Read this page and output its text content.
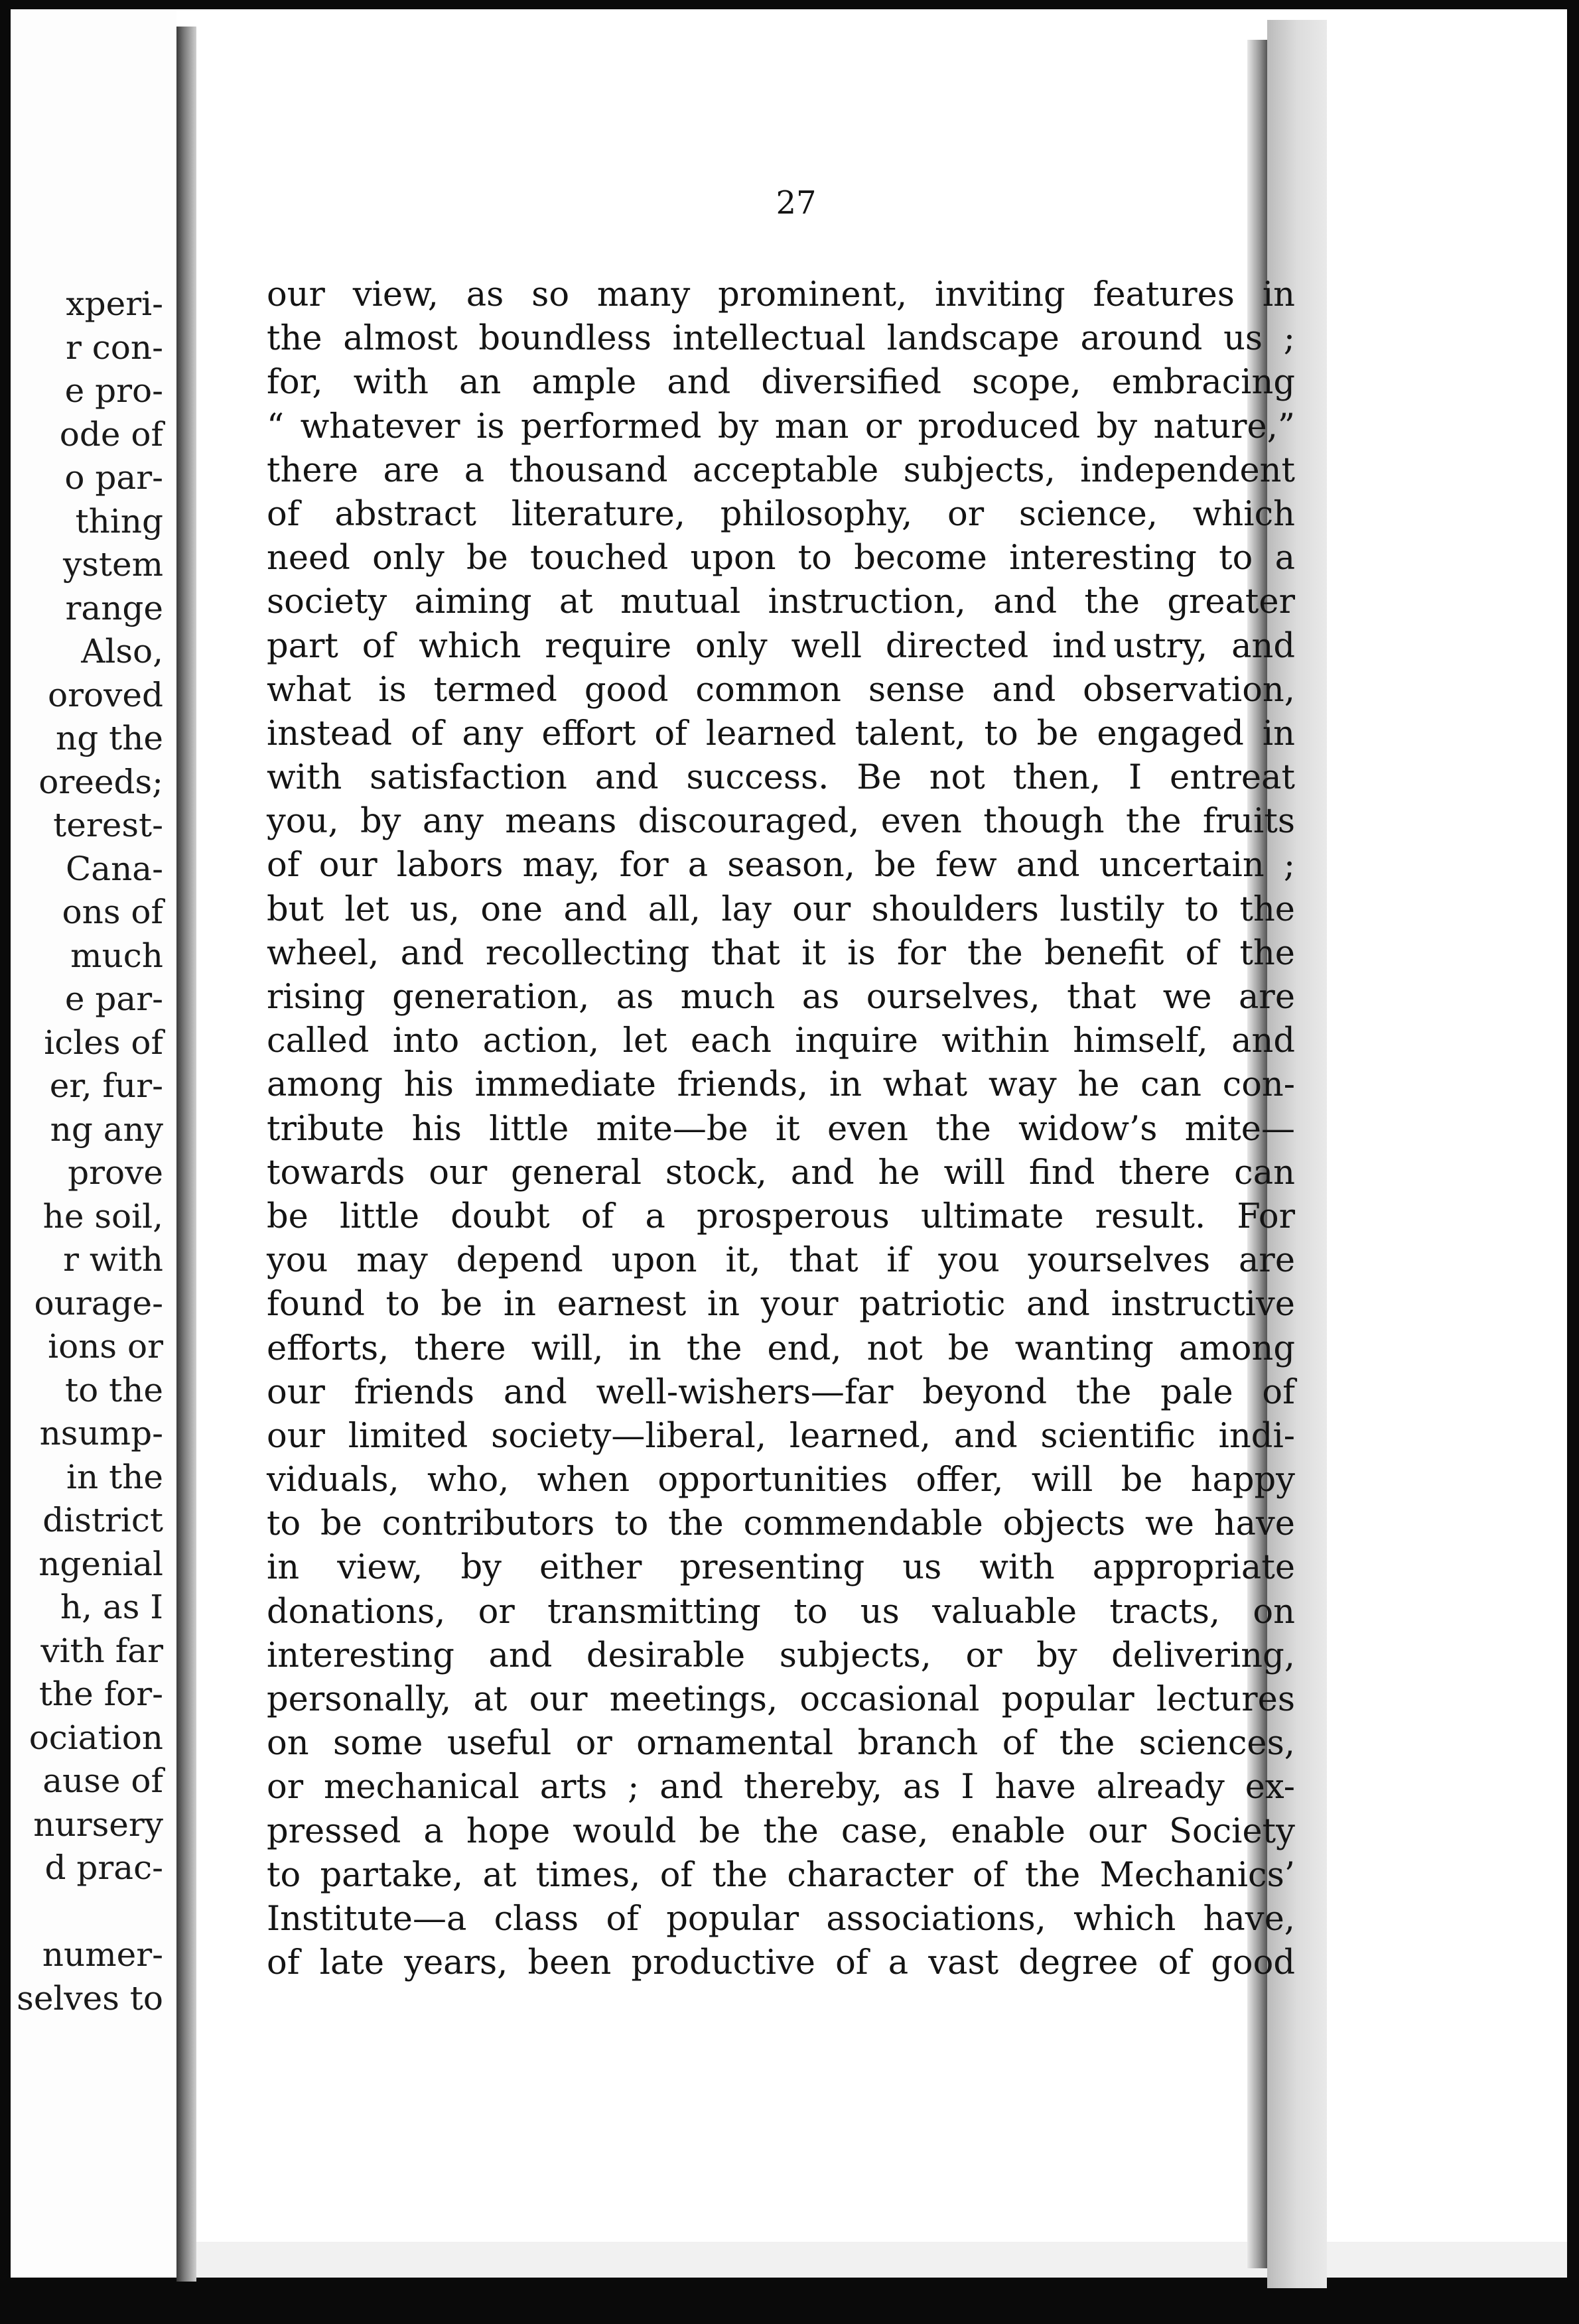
xperi-
r con-
e pro-
ode of
o par-
thing
ystem
range
Also,
oroved
ng the
oreeds;
terest-
Cana-
ons of
much
e par-
icles of
er, fur-
ng any
prove
he soil,
r with
ourage-
ions or
to the
nsump-
in the
district
ngenial
h, as I
vith far
the for-
ociation
ause of
nursery
d prac-
numer-
selves to
27
our view, as so many prominent, inviting features in
the almost boundless intellectual landscape around us ;
for, with an ample and diversified scope, embracing
“ whatever is performed by man or produced by nature,”
there are a thousand acceptable subjects, independent
of abstract literature, philosophy, or science, which
need only be touched upon to become interesting to a
society aiming at mutual instruction, and the greater
part of which require only well directed ind ustry, and
what is termed good common sense and observation,
instead of any effort of learned talent, to be engaged in
with satisfaction and success. Be not then, I entreat
you, by any means discouraged, even though the fruits
of our labors may, for a season, be few and uncertain ;
but let us, one and all, lay our shoulders lustily to the
wheel, and recollecting that it is for the benefit of the
rising generation, as much as ourselves, that we are
called into action, let each inquire within himself, and
among his immediate friends, in what way he can con-
tribute his little mite—be it even the widow’s mite—
towards our general stock, and he will find there can
be little doubt of a prosperous ultimate result. For
you may depend upon it, that if you yourselves are
found to be in earnest in your patriotic and instructive
efforts, there will, in the end, not be wanting among
our friends and well-wishers—far beyond the pale of
our limited society—liberal, learned, and scientific indi-
viduals, who, when opportunities offer, will be happy
to be contributors to the commendable objects we have
in view, by either presenting us with appropriate
donations, or transmitting to us valuable tracts, on
interesting and desirable subjects, or by delivering,
personally, at our meetings, occasional popular lectures
on some useful or ornamental branch of the sciences,
or mechanical arts ; and thereby, as I have already ex-
pressed a hope would be the case, enable our Society
to partake, at times, of the character of the Mechanics’
Institute—a class of popular associations, which have,
of late years, been productive of a vast degree of good
